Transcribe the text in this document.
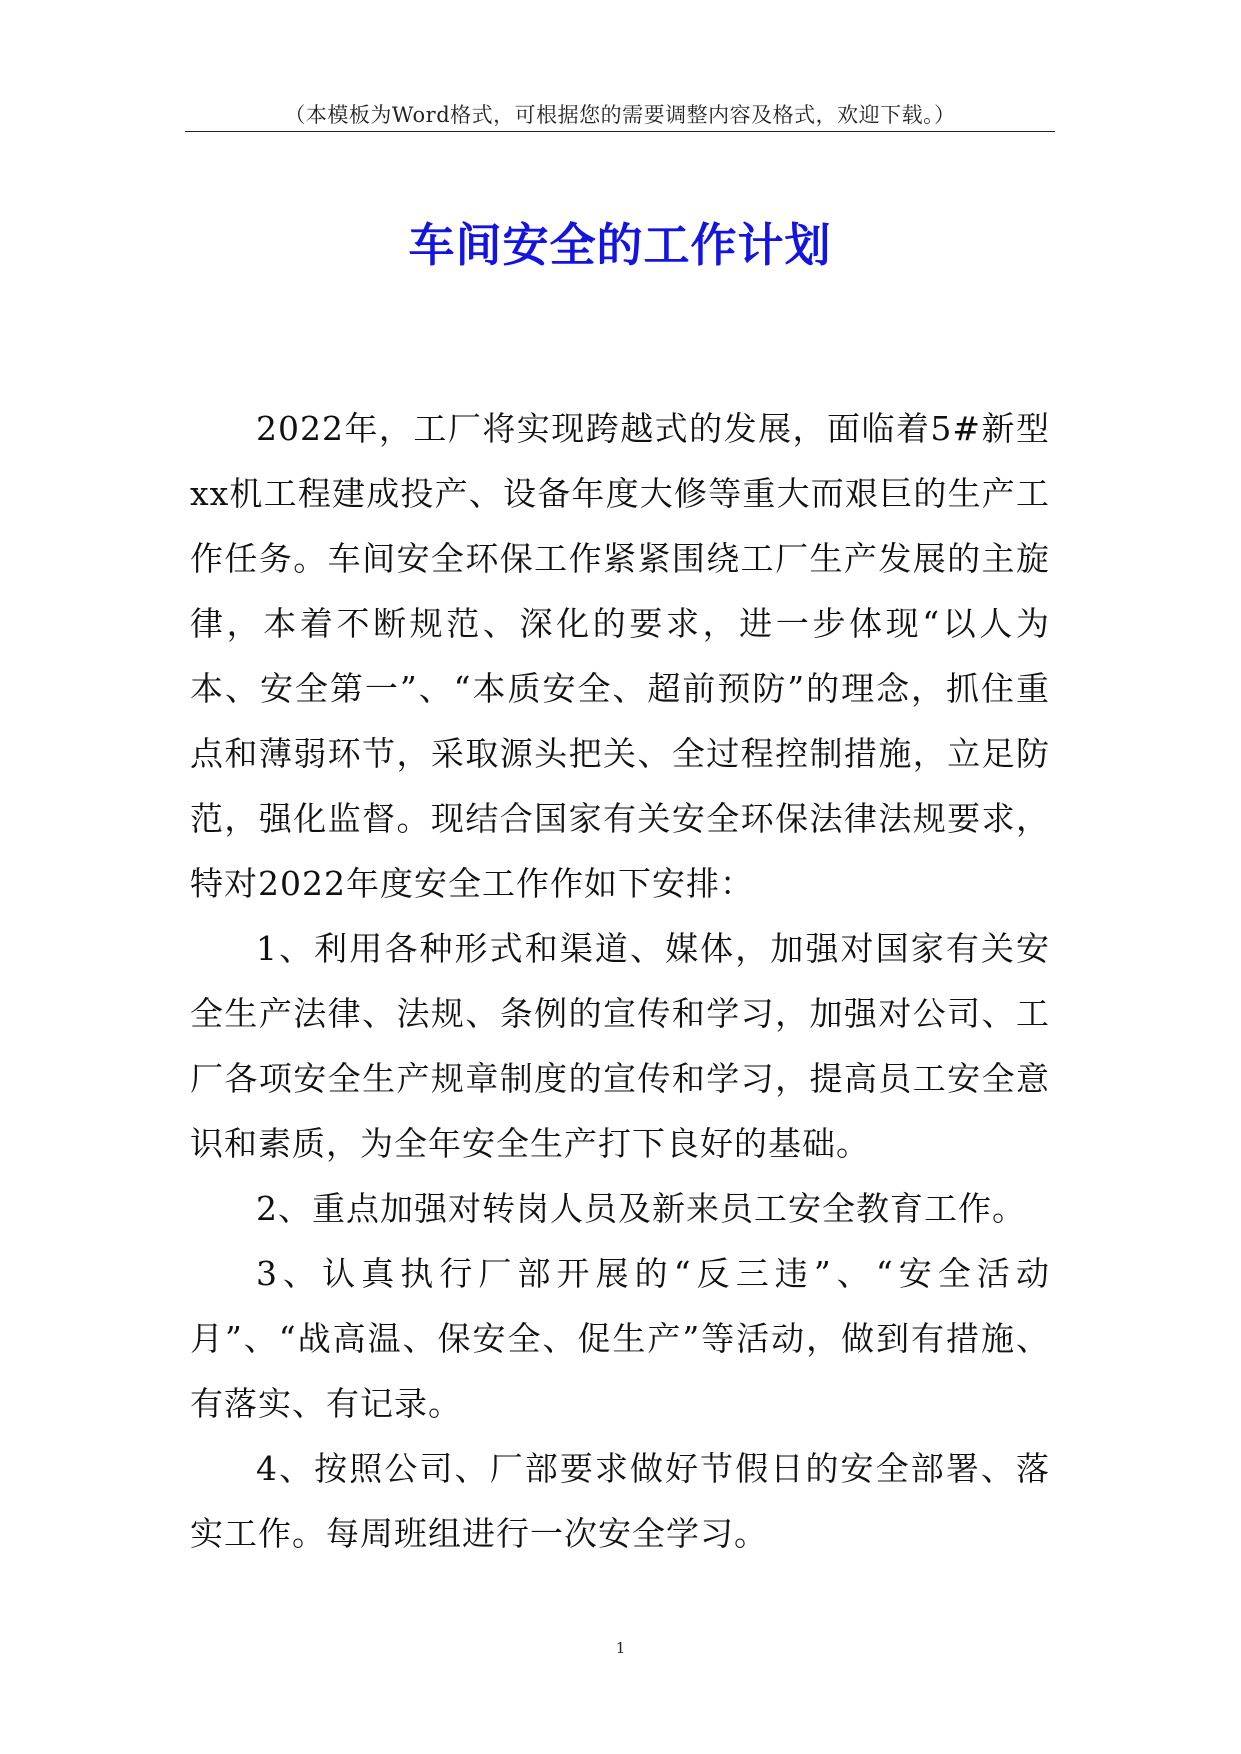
（本模板为Word格式，可根据您的需要调整内容及格式，欢迎下载。）
车间安全的工作计划

2022年，工厂将实现跨越式的发展，面临着5#新型xx机工程建成投产、设备年度大修等重大而艰巨的生产工作任务。车间安全环保工作紧紧围绕工厂生产发展的主旋律，本着不断规范、深化的要求，进一步体现“以人为本、安全第一”、“本质安全、超前预防”的理念，抓住重点和薄弱环节，采取源头把关、全过程控制措施，立足防范，强化监督。现结合国家有关安全环保法律法规要求，特对2022年度安全工作作如下安排：

1、利用各种形式和渠道、媒体，加强对国家有关安全生产法律、法规、条例的宣传和学习，加强对公司、工厂各项安全生产规章制度的宣传和学习，提高员工安全意识和素质，为全年安全生产打下良好的基础。

2、重点加强对转岗人员及新来员工安全教育工作。

3、认真执行厂部开展的“反三违”、“安全活动月”、“战高温、保安全、促生产”等活动，做到有措施、有落实、有记录。

4、按照公司、厂部要求做好节假日的安全部署、落实工作。每周班组进行一次安全学习。

1
